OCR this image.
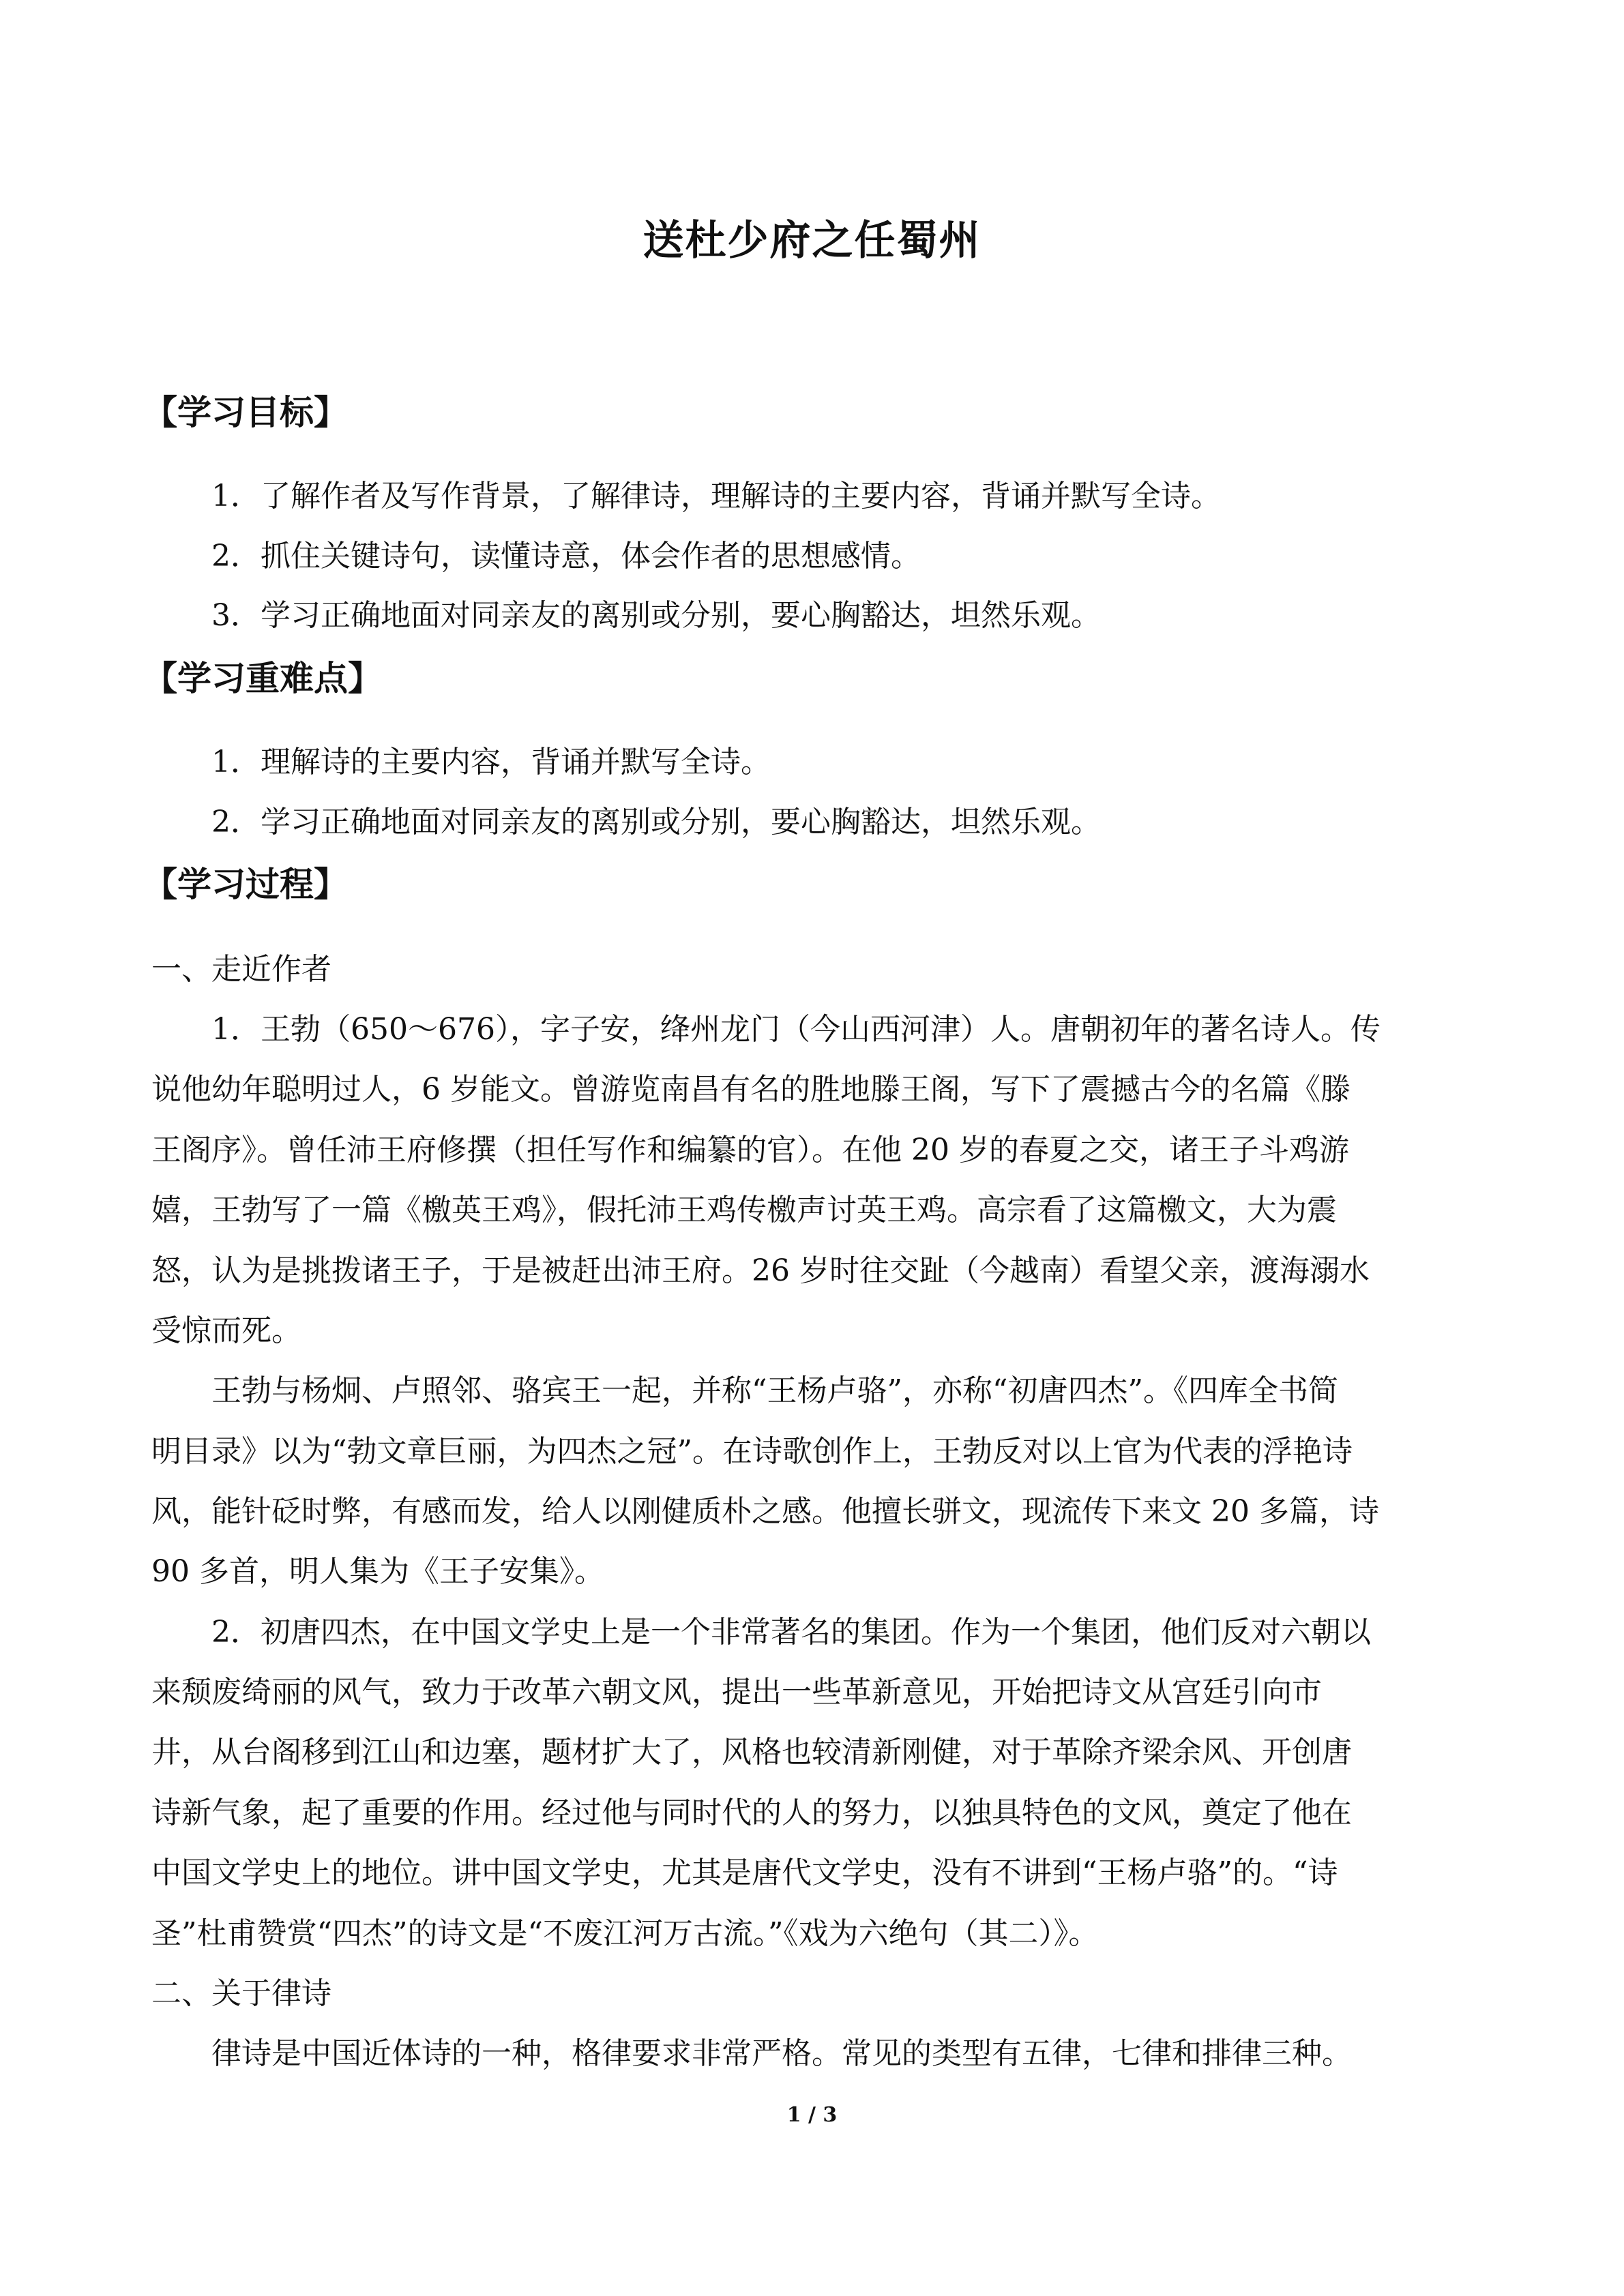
送杜少府之任蜀州
【学习目标】
1．了解作者及写作背景，了解律诗，理解诗的主要内容，背诵并默写全诗。
2．抓住关键诗句，读懂诗意，体会作者的思想感情。
3．学习正确地面对同亲友的离别或分别，要心胸豁达，坦然乐观。
【学习重难点】
1．理解诗的主要内容，背诵并默写全诗。
2．学习正确地面对同亲友的离别或分别，要心胸豁达，坦然乐观。
【学习过程】
一、走近作者
1．王勃（650～676），字子安，绛州龙门（今山西河津）人。唐朝初年的著名诗人。传
说他幼年聪明过人，6 岁能文。曾游览南昌有名的胜地滕王阁，写下了震撼古今的名篇《滕
王阁序》。曾任沛王府修撰（担任写作和编纂的官）。在他 20 岁的春夏之交，诸王子斗鸡游
嬉，王勃写了一篇《檄英王鸡》，假托沛王鸡传檄声讨英王鸡。高宗看了这篇檄文，大为震
怒，认为是挑拨诸王子，于是被赶出沛王府。26 岁时往交趾（今越南）看望父亲，渡海溺水
受惊而死。
王勃与杨炯、卢照邻、骆宾王一起，并称“王杨卢骆”，亦称“初唐四杰”。《四库全书简
明目录》以为“勃文章巨丽，为四杰之冠”。在诗歌创作上，王勃反对以上官为代表的浮艳诗
风，能针砭时弊，有感而发，给人以刚健质朴之感。他擅长骈文，现流传下来文 20 多篇，诗
90 多首，明人集为《王子安集》。
2．初唐四杰，在中国文学史上是一个非常著名的集团。作为一个集团，他们反对六朝以
来颓废绮丽的风气，致力于改革六朝文风，提出一些革新意见，开始把诗文从宫廷引向市
井，从台阁移到江山和边塞，题材扩大了，风格也较清新刚健，对于革除齐梁余风、开创唐
诗新气象，起了重要的作用。经过他与同时代的人的努力，以独具特色的文风，奠定了他在
中国文学史上的地位。讲中国文学史，尤其是唐代文学史，没有不讲到“王杨卢骆”的。“诗
圣”杜甫赞赏“四杰”的诗文是“不废江河万古流。”《戏为六绝句（其二）》。
二、关于律诗
律诗是中国近体诗的一种，格律要求非常严格。常见的类型有五律，七律和排律三种。
1 / 3
